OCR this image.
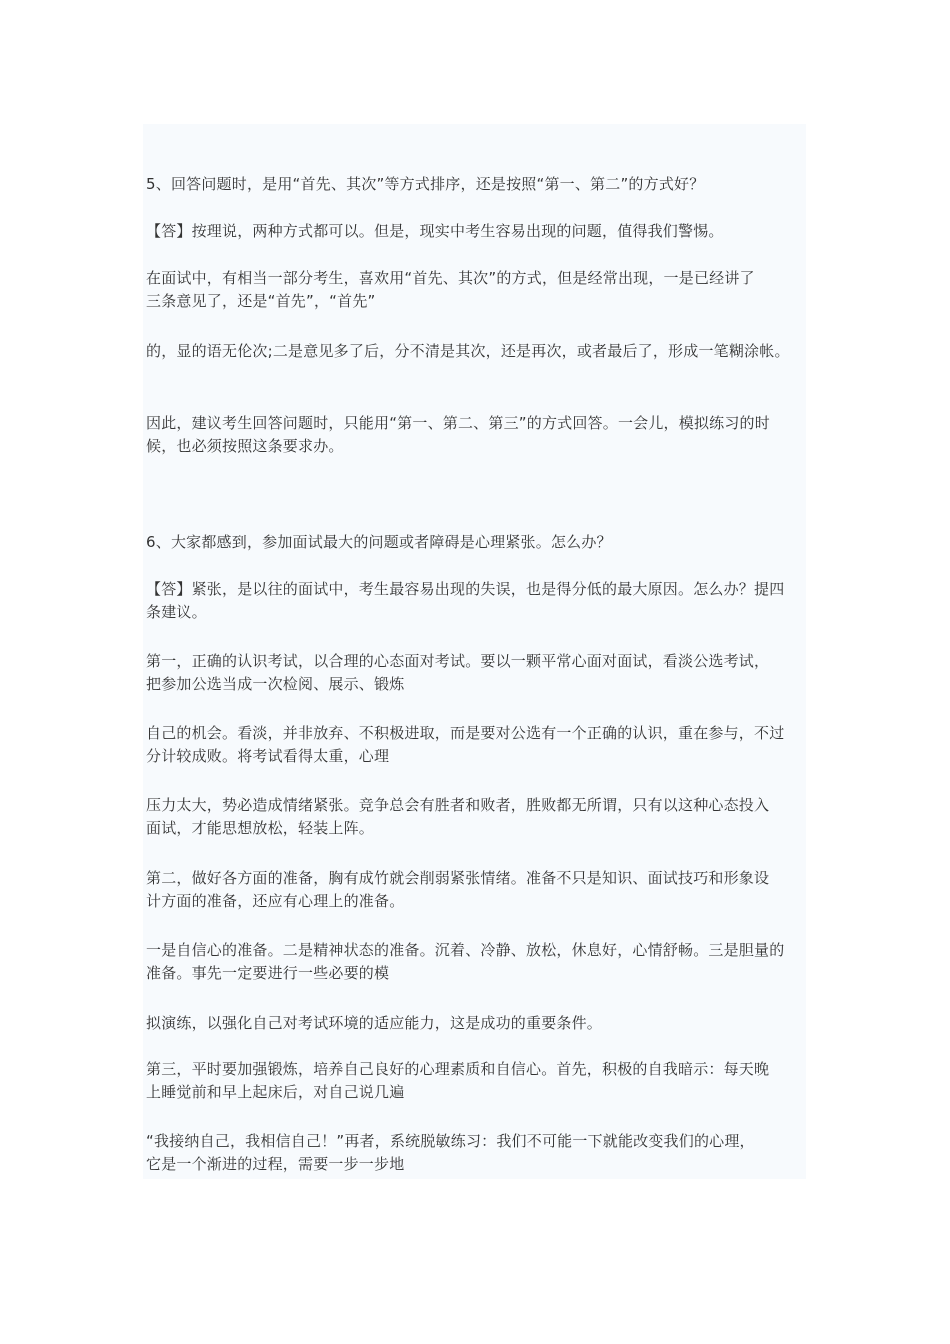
5、回答问题时，是用“首先、其次”等方式排序，还是按照“第一、第二”的方式好？

【答】按理说，两种方式都可以。但是，现实中考生容易出现的问题，值得我们警惕。

在面试中，有相当一部分考生，喜欢用“首先、其次”的方式，但是经常出现，一是已经讲了
三条意见了，还是“首先”，“首先”

的，显的语无伦次;二是意见多了后，分不清是其次，还是再次，或者最后了，形成一笔糊涂帐。

因此，建议考生回答问题时，只能用“第一、第二、第三”的方式回答。一会儿，模拟练习的时
候，也必须按照这条要求办。

6、大家都感到，参加面试最大的问题或者障碍是心理紧张。怎么办？

【答】紧张，是以往的面试中，考生最容易出现的失误，也是得分低的最大原因。怎么办？提四
条建议。

第一，正确的认识考试，以合理的心态面对考试。要以一颗平常心面对面试，看淡公选考试，
把参加公选当成一次检阅、展示、锻炼

自己的机会。看淡，并非放弃、不积极进取，而是要对公选有一个正确的认识，重在参与，不过
分计较成败。将考试看得太重，心理

压力太大，势必造成情绪紧张。竞争总会有胜者和败者，胜败都无所谓，只有以这种心态投入
面试，才能思想放松，轻装上阵。

第二，做好各方面的准备，胸有成竹就会削弱紧张情绪。准备不只是知识、面试技巧和形象设
计方面的准备，还应有心理上的准备。

一是自信心的准备。二是精神状态的准备。沉着、冷静、放松，休息好，心情舒畅。三是胆量的
准备。事先一定要进行一些必要的模

拟演练，以强化自己对考试环境的适应能力，这是成功的重要条件。

第三，平时要加强锻炼，培养自己良好的心理素质和自信心。首先，积极的自我暗示：每天晚
上睡觉前和早上起床后，对自己说几遍

“我接纳自己，我相信自己！”再者，系统脱敏练习：我们不可能一下就能改变我们的心理，
它是一个渐进的过程，需要一步一步地
